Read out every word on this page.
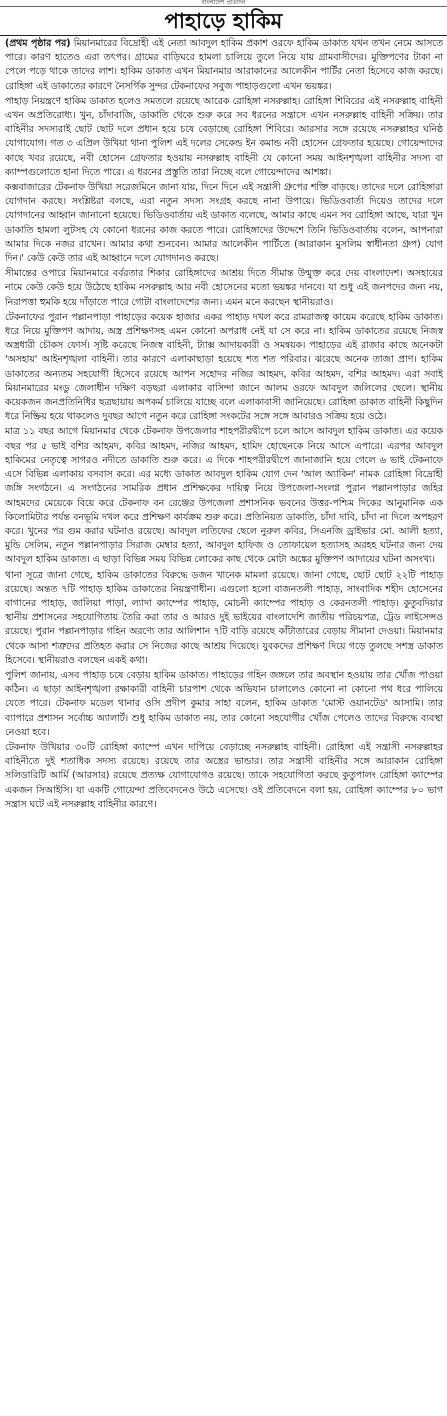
বাংলাদেশ প্রতিদিন
পাহাড়ে হাকিম

(প্রথম পৃষ্ঠার পর) মিয়ানমারের বিদ্রোহী এই নেতা আবদুল হাকিম প্রকাশ ওরফে হাকিম ডাকাত যখন তখন নেমে আসতে পারে। কারণ হাতেও এরা তৎপর। গ্রামের বাড়িঘরে হামলা চালিয়ে তুলে নিয়ে যায় গ্রামবাসীদের। মুক্তিপণের টাকা না পেলে পড়ে থাকে তাদের লাশ। হাকিম ডাকাত এখন মিয়ানমার আরাকানের আলেকীন পার্টির নেতা হিসেবে কাজ করছে। রোহিঙ্গা এই ডাকাতের কারণে নৈসর্গিক সুন্দর টেকনাফের সবুজ পাহাড়গুলো এখন ভয়ঙ্কর।

পাহাড় নিয়ন্ত্রণে হাকিম ডাকাত হলেও সমতলে রয়েছে আরেক রোহিঙ্গা নসরুল্লাহ। রোহিঙ্গা শিবিরের এই নসরুল্লাহ বাহিনী এখন অপ্রতিরোধ্য। খুন, চাঁদাবাজি, ডাকাতি থেকে শুরু করে সব ধরনের সন্ত্রাসে এখন নসরুল্লাহ বাহিনী সক্রিয়। তার বাহিনীর সদস্যরাই ছোট ছোট দলে প্রধান হয়ে চষে বেড়াচ্ছে রোহিঙ্গা শিবিরে। আরসার সঙ্গে রয়েছে নসরুল্লাহর ঘনিষ্ঠ যোগাযোগ। গত ৩ এপ্রিল উখিয়া থানা পুলিশ এই দলের সেকেন্ড ইন কমান্ড নবী হোসেন গ্রেফতার হয়েছে। গোয়েন্দাদের কাছে খবর রয়েছে, নবী হোসেন গ্রেফতার হওয়ায় নসরুল্লাহ বাহিনী যে কোনো সময় আইনশৃঙ্খলা বাহিনীর সদস্য বা ক্যাম্পগুলোতে হানা দিতে পারে। এ ধরনের প্রস্তুতি তারা নিচ্ছে বলে গোয়েন্দাদের আশঙ্কা।

কক্সবাজারের টেকনাফ উখিয়া সরেজমিনে জানা যায়, দিনে দিনে এই সন্ত্রাসী গ্রুপের শক্তি বাড়ছে। তাদের দলে রোহিঙ্গারা যোগদান করছে। সংশ্লিষ্টরা বলছে, এরা নতুন সদস্য সংগ্রহ করছে নানা উপায়ে। ভিডিওবার্তা দিয়েও তাদের দলে যোগদানের আহ্বান জানানো হয়েছে। ভিডিওবার্তায় এই ডাকাত বলেছে, আমার কাছে এমন সব রোহিঙ্গা আছে, যারা খুন ডাকাতি হামলা লুটসহ যে কোনো ধরনের কাজ করতে পারে। রোহিঙ্গাদের উদ্দেশে তিনি ভিডিওবার্তায় বলেন, আপনারা আমার দিকে নজর রাখেন। আমার কথা শুনবেন। আমার আলেকীন পার্টিতে (আরাকান মুসলিম স্বাধীনতা গ্রুপ) যোগ দিন।' কেউ কেউ তার এই আহ্বানে দলে যোগদানও করছে।

সীমান্তের ওপারে মিয়ানমারে বর্বরতার শিকার রোহিঙ্গাদের আশ্রয় দিতে সীমান্ত উন্মুক্ত করে দেয় বাংলাদেশ। অসহায়ের নামে কেউ কেউ হয়ে উঠেছে হাকিম নসরুল্লাহ আর নবী হোসেনের মতো ভয়ঙ্কর দানবে। যা শুধু এই জনপদের জন্য নয়, নিরাপত্তা হুমকি হয়ে দাঁড়াতে পারে গোটা বাংলাদেশের জন্য। এমন মনে করছেন স্থানীয়রাও।

টেকনাফের পুরান পল্লানপাড়া পাহাড়ের কয়েক হাজার একর পাহাড় দখল করে রামরাজত্ব কায়েম করেছে হাকিম ডাকাত। ধরে নিয়ে মুক্তিপণ আদায়, অস্ত্র প্রশিক্ষণসহ এমন কোনো অপরাধ নেই যা সে করে না। হাকিম ডাকাতের রয়েছে নিজস্ব অস্ত্রধারী চৌকস ফোর্স। সৃষ্টি করেছে নিজস্ব বাহিনী, ট্যাক্স আদায়কারী ও সমন্বয়ক। পাহাড়ের এই রাজার কাছে অনেকটা 'অসহায়' আইনশৃঙ্খলা বাহিনী। তার কারণে এলাকাছাড়া হয়েছে শত শত পরিবার। ঝরেছে অনেক তাজা প্রাণ। হাকিম ডাকাতের অন্যতম সহযোগী হিসেবে রয়েছে আপন সহোদর নজির আহমদ, কবির আহমদ, বশির আহমদ। এরা সবাই মিয়ানমারের মংডু জেলাধীন দক্ষিণ বড়ছরা এলাকার বাসিন্দা জানে আলম ওরফে আবদুল জলিলের ছেলে। স্থানীয় কয়েকজন জনপ্রতিনিধির ছত্রছায়ায় অপকর্ম চালিয়ে যাচ্ছে বলে এলাকাবাসী জানিয়েছে। রোহিঙ্গা ডাকাত বাহিনী কিছুদিন ধরে নিষ্ক্রিয় হয়ে থাকলেও দুবছর আগে নতুন করে রোহিঙ্গা সংকটের সঙ্গে সঙ্গে আবারও সক্রিয় হয়ে ওঠে।

মাত্র ১১ বছর আগে মিয়ানমার থেকে টেকনাফ উপজেলার শাহপরীরদ্বীপে চলে আসে আবদুল হাকিম ডাকাত। এর কয়েক বছর পর ৫ ভাই বশির আহমদ, কবির আহমদ, নজির আহমদ, হামিদ হোছেনকে নিয়ে আসে এপারে। এরপর আবদুল হাকিমের নেতৃত্বে সাগরও নদীতে ডাকাতি শুরু করে। এ দিকে শাহপরীরদ্বীপে জানাজানি হয়ে গেলে ৬ ভাই টেকনাফে এসে বিভিন্ন এলাকায় বসবাস করে। এর মধ্যে ডাকাত আবদুল হাকিম যোগ দেন 'আল অ্যাকিন' নামক রোহিঙ্গা বিদ্রোহী জঙ্গি সংগঠনে। এ সংগঠনের সামরিক প্রধান প্রশিক্ষকের দায়িত্ব নিয়ে উপজেলা-সংলগ্ন পুরান পল্লানপাড়ার জহির আহমদের মেয়েকে বিয়ে করে টেকনাফ বন রেঞ্জের উপজেলা প্রশাসনিক ভবনের উত্তর-পশ্চিম দিকের আনুমানিক এক কিলোমিটার পর্যন্ত বনভূমি দখল করে প্রশিক্ষণ কার্যক্রম শুরু করে। প্রতিনিয়ত ডাকাতি, চাঁদা দাবি, চাঁদা না দিলে অপহরণ করে। খুনের পর গুম করার ঘটনাও রয়েছে। আবদুল লতিফের ছেলে নুরুল কবির, সিএনজি ড্রাইভার মো. আলী হত্যা, মুন্ডি সেলিম, নতুন পল্লানপাড়ার সিরাজ মেম্বার হত্যা, আবদুল হাফিজ ও তোফায়েল হত্যাসহ অরহহ ঘটনার জন্য দেয় আবদুল হাকিম ডাকাত। এ ছাড়া বিভিন্ন সময় বিভিন্ন লোকের কাছ থেকে মোটা অঙ্কের মুক্তিপণ আদায়ের ঘটনা অসংখ্য।

থানা সূত্রে জানা গেছে, হাকিম ডাকাতের বিরুদ্ধে ডজন খানেক মামলা রয়েছে। জানা গেছে, ছোট ছোট ২২টি পাহাড় রয়েছে। অন্তত ৭টি পাহাড় হাকিম ডাকাতের নিয়ন্ত্রণাধীন। এগুলো হলো বাজনতলী পাহাড়, সাংবাদিক শহীদ হোসেনের বাগানের পাহাড়, জালিয়া পাড়া, ল্যাদা ক্যাম্পের পাহাড়, মোচনী ক্যাম্পের পাহাড় ও কেরনতলী পাহাড়। কুতুবদিয়ার স্থানীয় প্রশাসনের সহযোগিতায় তৈরি করা তার ও আরও দুই ভাইয়ের বাংলাদেশি জাতীয় পরিচয়পত্র, ট্রেড লাইসেন্সও রয়েছে। পুরান পল্লানপাড়ার গহিন অরণ্যে তার আলিশান ৭টি বাড়ি রয়েছে কাঁটাতারের বেড়ায় সীমানা দেওয়া। মিয়ানমার থেকে আসা শত্রুদের প্রতিহত করার সে নিজের কাছে আশ্রয় দিয়েছে। যুবকদের প্রশিক্ষণ দিয়ে গড়ে তুলছে সশস্ত্র ডাকাত হিসেবে। স্থানীয়রাও বলছেন একই কথা।

পুলিশ জানায়, এসব পাহাড় চষে বেড়ায় হাকিম ডাকাত। পাহাড়ের গহিন জঙ্গলে তার অবস্থান হওয়ায় তার খোঁজ পাওয়া কঠিন। এ ছাড়া আইনশৃঙ্খলা রক্ষাকারী বাহিনী চারপাশ থেকে অভিযান চালালেও কোনো না কোনো পথ ধরে পালিয়ে যেতে পারে। টেকনাফ মডেল থানার ওসি প্রদীপ কুমার সাহা বলেন, হাকিম ডাকাত 'মোস্ট ওয়ানটেড' আসামি। তার ব্যাপারে প্রশাসন সর্বোচ্চ অ্যালার্ট। শুধু হাকিম ডাকাত নয়, তার কোনো সহযোগীর খোঁজ পেলেও তাদের বিরুদ্ধে ব্যবস্থা নেওয়া হবে।

টেকনাফ উখিয়ার ৩০টি রোহিঙ্গা ক্যাম্পে এখন দাপিয়ে বেড়াচ্ছে নসরুল্লাহ বাহিনী। রোহিঙ্গা এই সন্ত্রাসী নসরুল্লাহর বাহিনীতে দুই শতাধিক সদস্য রয়েছে। রয়েছে তার অস্ত্রের ভান্ডার। তার সন্ত্রাসী বাহিনীর সঙ্গে আরাকান রোহিঙ্গা সলিডারিটি আর্মি (আরসার) রয়েছে প্রত্যক্ষ যোগাযোগও রয়েছে। তাকে সহযোগিতা করছে কুতুপালং রোহিঙ্গা ক্যাম্পের একজন সিআইসি। যা একটি গোয়েন্দা প্রতিবেদনেও উঠে এসেছে। ওই প্রতিবেদনে বলা হয়, রোহিঙ্গা ক্যাম্পের ৮০ ভাগ সন্ত্রাস ঘটে এই নসরুল্লাহ বাহিনীর কারণে।
